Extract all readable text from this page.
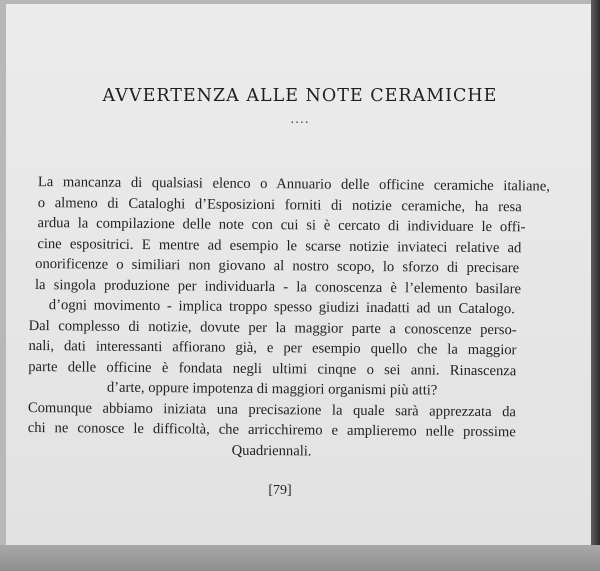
AVVERTENZA ALLE NOTE CERAMICHE
....
La mancanza di qualsiasi elenco o Annuario delle officine ceramiche italiane,
o almeno di Cataloghi d’Esposizioni forniti di notizie ceramiche, ha resa
ardua la compilazione delle note con cui si è cercato di individuare le offi-
cine espositrici. E mentre ad esempio le scarse notizie inviateci relative ad
onorificenze o similiari non giovano al nostro scopo, lo sforzo di precisare
la singola produzione per individuarla - la conoscenza è l’elemento basilare
d’ogni movimento - implica troppo spesso giudizi inadatti ad un Catalogo.
Dal complesso di notizie, dovute per la maggior parte a conoscenze perso-
nali, dati interessanti affiorano già, e per esempio quello che la maggior
parte delle officine è fondata negli ultimi cinqne o sei anni. Rinascenza
d’arte, oppure impotenza di maggiori organismi più atti?
Comunque abbiamo iniziata una precisazione la quale sarà apprezzata da
chi ne conosce le difficoltà, che arricchiremo e amplieremo nelle prossime
Quadriennali.
[79]
